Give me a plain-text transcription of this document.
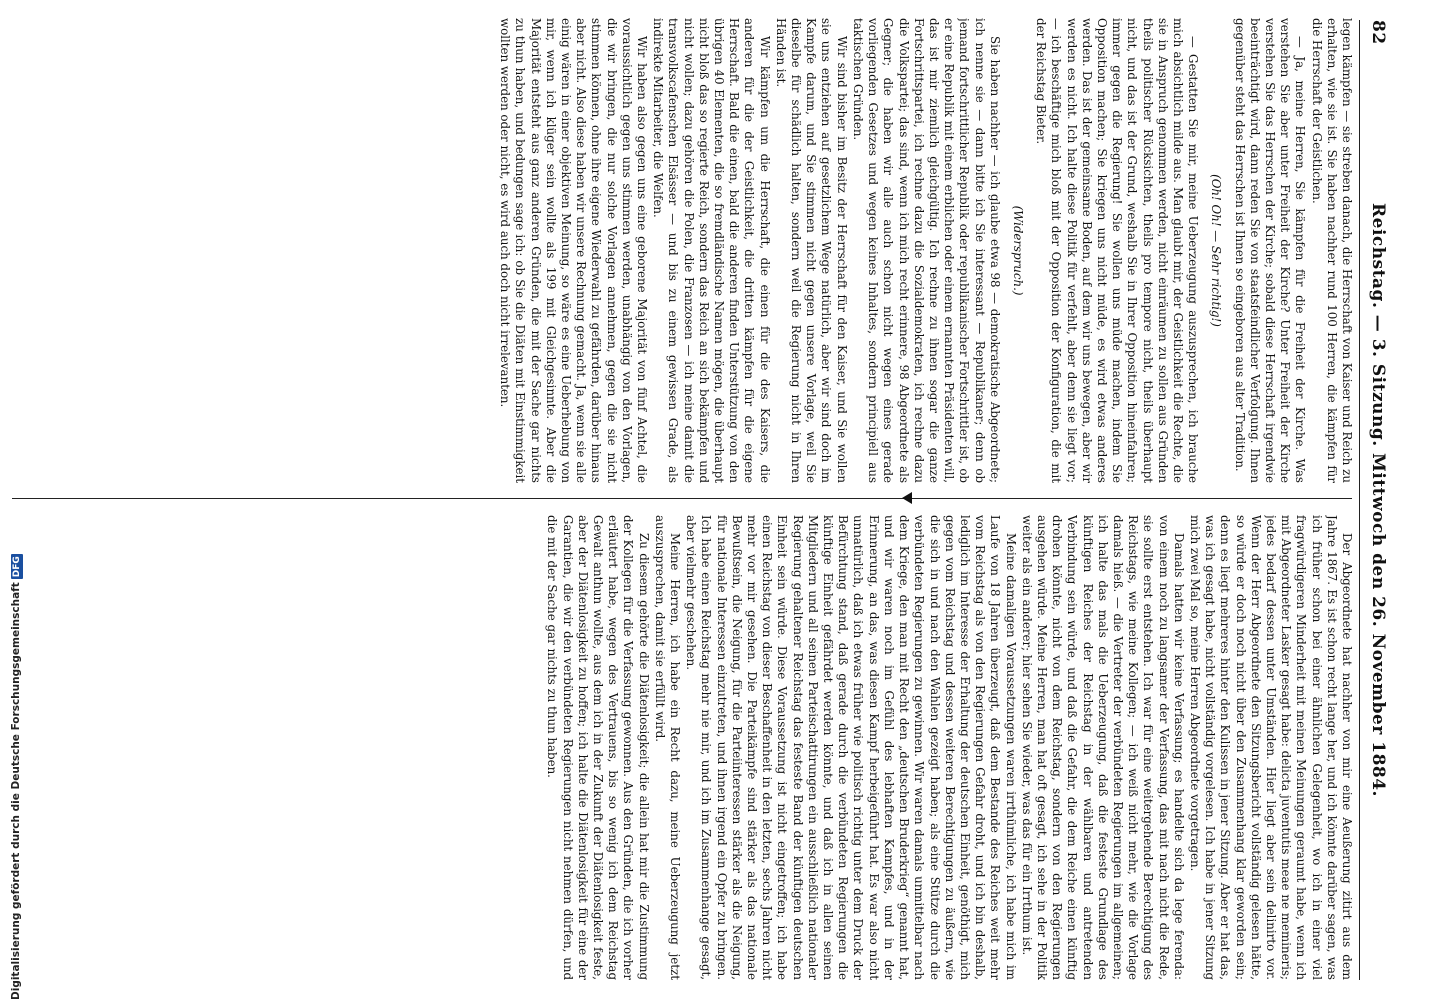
82
Reichstag. — 3. Sitzung. Mittwoch den 26. November 1884.

legen kämpfen — sie streben danach, die Herrschaft von Kaiser und Reich zu erhalten, wie sie ist. Sie haben nachher rund 100 Herren, die kämpfen für die Herrschaft der Geistlichen.

— Ja, meine Herren, Sie kämpfen für die Freiheit der Kirche. Was verstehen Sie aber unter Freiheit der Kirche? Unter Freiheit der Kirche verstehen Sie das Herrschen der Kirche; sobald diese Herrschaft irgendwie beeinträchtigt wird, dann reden Sie von staatsfeindlicher Verfolgung. Ihnen gegenüber steht das Herrschen ist Ihnen so eingeboren aus alter Tradition.

(Oh! Oh! — Sehr richtig!)

— Gestatten Sie mir, meine Ueberzeugung auszusprechen, ich brauche mich absichtlich milde aus. Man glaubt mir, der Geistlichkeit die Rechte, die sie in Anspruch genommen werden, nicht einräumen zu sollen aus Gründen theils politischer Rücksichten, theils pro tempore nicht, theils überhaupt nicht, und das ist der Grund, weshalb Sie in Ihrer Opposition hineinfahren; immer gegen die Regierung! Sie wollen uns müde machen, indem Sie Opposition machen; Sie kriegen uns nicht müde, es wird etwas anderes werden. Das ist der gemeinsame Boden, auf dem wir uns bewegen, aber wir werden es nicht. Ich halte diese Politik für verfehlt, aber denn sie liegt vor; — ich beschäftige mich bloß mit der Opposition der Konfiguration, die mit der Reichstag Bieter.

(Widerspruch.)

Sie haben nachher — ich glaube etwa 98 — demokratische Abgeordnete; ich nenne sie — dann bitte ich Sie interessant — Republikaner; denn ob jemand fortschrittlicher Republik oder republikanischer Fortschrittler ist, ob er eine Republik mit einem erblichen oder einem ernannten Präsidenten will, das ist mir ziemlich gleichgültig. Ich rechne zu ihnen sogar die ganze Fortschrittspartei, ich rechne dazu die Sozialdemokraten, ich rechne dazu die Volkspartei; das sind, wenn ich mich recht erinnere, 98 Abgeordnete als Gegner; die haben wir alle auch schon nicht wegen eines gerade vorliegenden Gesetzes und wegen keines Inhaltes, sondern principiell aus taktischen Gründen.

Wir sind bisher im Besitz der Herrschaft für den Kaiser, und Sie wollen sie uns entziehen auf gesetzlichem Wege natürlich, aber wir sind doch im Kampfe darum, und Sie stimmen nicht gegen unsere Vorlage, weil Sie dieselbe für schädlich halten, sondern weil die Regierung nicht in Ihren Händen ist.

Wir kämpfen um die Herrschaft, die einen für die des Kaisers, die anderen für die der Geistlichkeit, die dritten kämpfen für die eigene Herrschaft. Bald die einen, bald die anderen finden Unterstützung von den übrigen 40 Elementen, die so fremdländische Namen mögen, die überhaupt nicht bloß das so regierte Reich, sondern das Reich an sich bekämpfen und nicht wollen; dazu gehören die Polen, die Franzosen — ich meine damit die transvolkscafenschen Elsässer — und bis zu einem gewissen Grade, als indirekte Mitarbeiter, die Welfen.

Wir haben also gegen uns eine geborene Majorität von fünf Achtel, die voraussichtlich gegen uns stimmen werden, unabhängig von den Vorlagen, die wir bringen, die nur solche Vorlagen annehmen, gegen die sie nicht stimmen können, ohne ihre eigene Wiederwahl zu gefährden, darüber hinaus aber nicht. Also diese haben wir unsere Rechnung gemacht. Ja, wenn sie alle einig wären in einer objektiven Meinung, so wäre es eine Ueberhebung von mir, wenn ich klüger sein wollte als 199 mit Gleichgesinnte. Aber die Majorität entsteht aus ganz anderen Gründen, die mit der Sache gar nichts zu thun haben, und bedungen sage ich: ob Sie die Diäten mit Einstimmigkeit wollten werden oder nicht, es wird auch doch nicht irrelevanten.

Der Abgeordnete hat nachher von mir eine Aeußerung zitirt aus dem Jahre 1867. Es ist schon recht lange her, und ich könnte darüber sagen, was ich früher schon bei einer ähnlichen Gelegenheit, wo ich in einer viel fragwürdigeren Minderheit mit meinen Meinungen geraumt habe, wenn ich mit Abgeordneter Lasker gesagt habe: delicta juventutis meae ne memineris; jedes bedarf dessen unter Umständen. Hier liegt aber sein delinirto vor. Wenn der Herr Abgeordnete den Sitzungsbericht vollständig gelesen hätte, so würde er doch noch nicht über den Zusammenhang klar geworden sein; denn es liegt mehreres hinter den Kulissen in jener Sitzung. Aber er hat das, was ich gesagt habe, nicht vollständig vorgelesen. Ich habe in jener Sitzung mich zwei Mal so, meine Herren Abgeordnete vorgetragen.

Damals hatten wir keine Verfassung; es handelte sich da lege ferenda: von einem noch zu langsamer der Verfassung, das mit nach nicht die Rede, sie sollte erst entstehen. Ich war für eine weitergehende Berechtigung des Reichstags, wie meine Kollegen; — ich weiß nicht mehr, wie die Vorlage damals hieß. — die Vertreter der verbündeten Regierungen im allgemeinen; ich halte das mals die Ueberzeugung, daß die festeste Grundlage des künftigen Reiches der Reichstag in der wählbaren und antretenden Verbindung sein würde, und daß die Gefahr, die dem Reiche einen künftig drohen könnte, nicht von dem Reichstag, sondern von den Regierungen ausgehen würde. Meine Herren, man hat oft gesagt, ich sehe in der Politik weiter als ein anderer; hier sehen Sie wieder, was das für ein Irrthum ist.

Meine damaligen Voraussetzungen waren irrthümliche, ich habe mich im Laufe von 18 Jahren überzeugt, daß dem Bestande des Reiches weit mehr vom Reichstag als von den Regierungen Gefahr droht, und ich bin deshalb, lediglich im Interesse der Erhaltung der deutschen Einheit, genöthigt, mich gegen vom Reichstag und dessen weiteren Berechtigungen zu äußern, wie die sich in und nach den Wahlen gezeigt haben; als eine Stütze durch die verbündeten Regierungen zu gewinnen. Wir waren damals unmittelbar nach dem Kriege, den man mit Recht den „deutschen Bruderkrieg“ genannt hat, und wir waren noch im Gefühl des lebhaften Kampfes, und in der Erinnerung, an das, was diesen Kampf herbeigeführt hat. Es war also nicht unnatürlich, daß ich etwas früher wie politisch richtig unter dem Druck der Befürchtung stand, daß gerade durch die verbündeten Regierungen die künftige Einheit gefährdet werden könnte, und daß ich in allen seinen Mitgliedern und all seinen Parteischattirungen ein ausschließlich nationaler Regierung gehaltener Reichstag das festeste Band der künftigen deutschen Einheit sein würde. Diese Voraussetzung ist nicht eingetroffen; ich habe einen Reichstag von dieser Beschaffenheit in den letzten, sechs Jahren nicht mehr vor mir gesehen. Die Parteikämpfe sind stärker als das nationale Bewußtsein, die Neigung, für die Parteiinteressen stärker als die Neigung, für nationale Interessen einzutreten, und ihnen irgend ein Opfer zu bringen. Ich habe einen Reichstag mehr nie mir, und ich im Zusammenhange gesagt, aber vielmehr geschehen.

Meine Herren, ich habe ein Recht dazu, meine Ueberzeugung jetzt auszusprechen, damit sie erfüllt wird.

Zu diesem gehörte die Diätenlosigkeit; die allein hat mir die Zustimmung der Kollegen für die Verfassung gewonnen. Aus den Gründen, die ich vorher erläutert habe, wegen des Vertrauens, bis so wenig ich dem Reichstag Gewalt anthun wollte, aus dem ich in der Zukunft der Diätenlosigkeit feste, aber der Diätenlosigkeit zu hoffen; ich halte die Diätenlosigkeit für eine der Garantien, die wir den verbündeten Regierungen nicht nehmen dürfen, und die mit der Sache gar nichts zu thun haben.

Digitalisierung gefördert durch die Deutsche ForschungsgemeinschaftDFG
